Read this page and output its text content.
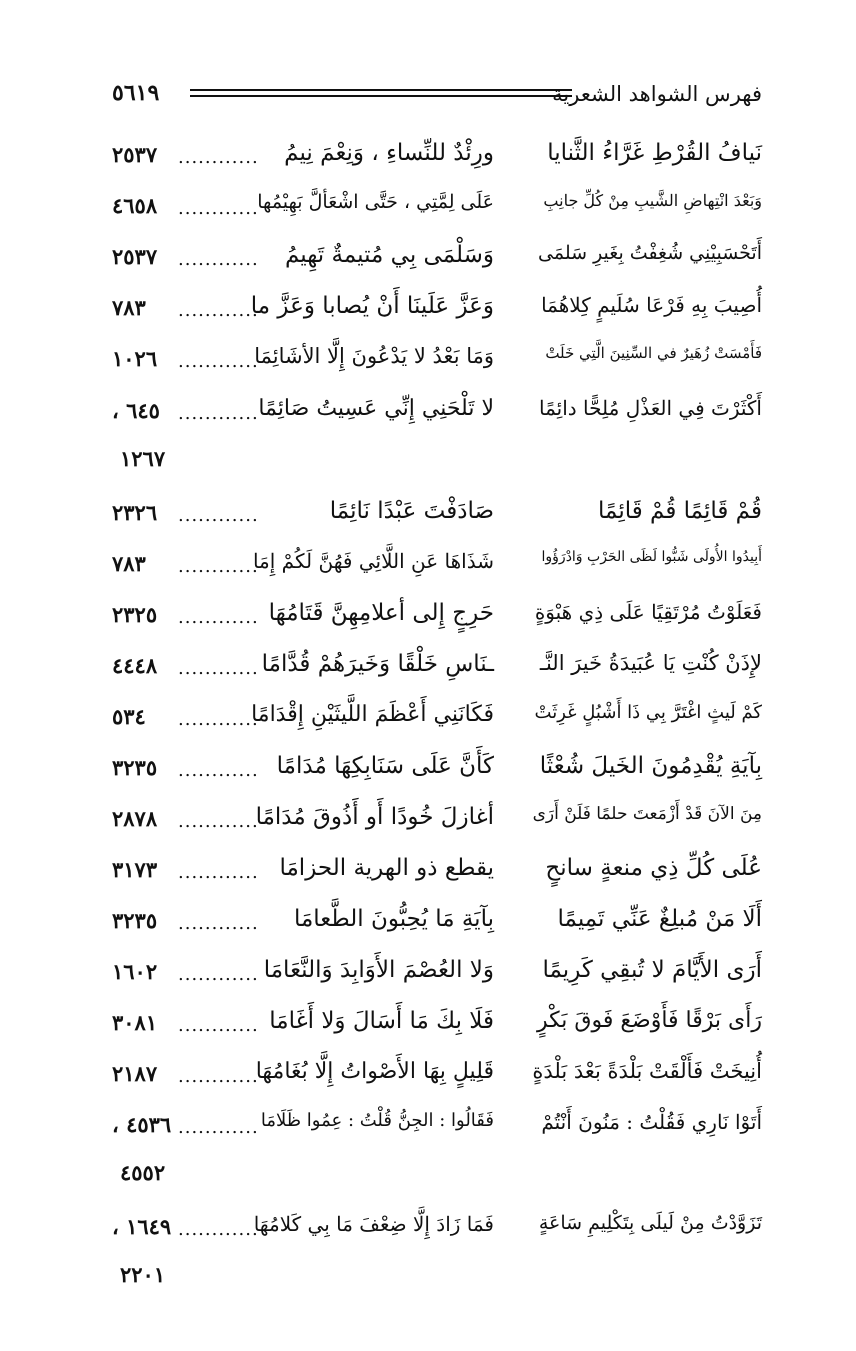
فهرس الشواهد الشعرية
٥٦١٩
نَيافُ القُرْطِ غَرَّاءُ الثَّنايا
ورِئْدٌ للنِّساءِ ، وَنِعْمَ نِيمُ
............
٢٥٣٧
وَبَعْدَ انْتِهاضِ الشَّيبِ مِنْ كُلِّ جانِبِ
عَلَى لِمَّتِي ، حَتَّى اشْعَألَّ بَهِيْمُها
............
٤٦٥٨
أَتَحْسَبِيْنِي شُغِفْتُ بِغَيرِ سَلمَى
وَسَلْمَى بِي مُتيمةٌ تَهِيمُ
............
٢٥٣٧
أُصِيبَ بِهِ فَرْعَا سُلَيمٍ كِلاهُمَا
وَعَزَّ عَلَينَا أَنْ يُصابا وَعَزَّ ما
............
٧٨٣
فَأَمْسَتْ زُهَيرٌ في السِّنِينَ الَّتِي خَلَتْ
وَمَا بَعْدُ لا يَدْعُونَ إِلَّا الأشَائِمَا
............
١٠٢٦
أَكْثَرْتَ فِي العَذْلِ مُلِحًّا دائِمًا
لا تَلْحَنِي إِنِّي عَسِيتُ صَائِمًا
............
٦٤٥ ،
١٢٦٧
قُمْ قَائِمًا قُمْ قَائِمًا
صَادَفْتَ عَبْدًا نَائِمًا
............
٢٣٢٦
أَبِيدُوا الأُولَى شَبُّوا لَظَى الحَرْبِ وَادْرَؤُوا
شَذَاهَا عَنِ اللَّائِي فَهُنَّ لَكُمْ إِمَا
............
٧٨٣
فَعَلَوْتُ مُرْتَقِيًا عَلَى ذِي هَبْوَةٍ
حَرِجٍ إِلى أعلامِهِنَّ قَتَامُهَا
............
٢٣٢٥
لإِذَنْ كُنْتِ يَا عُبَيدَةُ خَيرَ النَّـ
ـنَاسِ خَلْقًا وَخَيرَهُمْ قُدَّامًا
............
٤٤٤٨
كَمْ لَيثٍ اغْتَرَّ بِي ذَا أَشْبُلٍ غَرِثَتْ
فَكَانَنِي أَعْظَمَ اللَّيثَيْنِ إِقْدَامًا
............
٥٣٤
بِآيَةِ يُقْدِمُونَ الخَيلَ شُعْثًا
كَأَنَّ عَلَى سَنَابِكِهَا مُدَامًا
............
٣٢٣٥
مِنَ الآنَ قَدْ أَزْمَعتَ حلمًا فَلَنْ أَرَى
أغازلَ خُودًا أَو أَذُوقَ مُدَامًا
............
٢٨٧٨
عُلَى كُلِّ ذِي منعةٍ سانحٍ
يقطع ذو الهرية الحزامَا
............
٣١٧٣
أَلَا مَنْ مُبلِغٌ عَنِّي تَمِيمًا
بِآيَةِ مَا يُحِبُّونَ الطَّعامَا
............
٣٢٣٥
أَرَى الأَيَّامَ لا تُبقِي كَرِيمًا
وَلا العُصْمَ الأَوَابِدَ وَالنَّعَامَا
............
١٦٠٢
رَأَى بَرْقًا فَأَوْضَعَ فَوقَ بَكْرٍ
فَلَا بِكَ مَا أَسَالَ وَلا أَغَامَا
............
٣٠٨١
أُنِيخَتْ فَأَلْقَتْ بَلْدَةً بَعْدَ بَلْدَةٍ
قَلِيلٍ بِهَا الأَصْواتُ إِلَّا بُغَامُهَا
............
٢١٨٧
أَتَوْا نَارِي فَقُلْتُ : مَنُونَ أَنْتُمْ
فَقَالُوا : الجِنُّ قُلْتُ : عِمُوا ظَلَامَا
............
٤٥٣٦ ،
٤٥٥٢
تَزَوَّدْتُ مِنْ لَيلَى بِتَكْلِيمِ سَاعَةٍ
فَمَا زَادَ إِلَّا ضِعْفَ مَا بِي كَلامُهَا
............
١٦٤٩ ،
٢٢٠١
